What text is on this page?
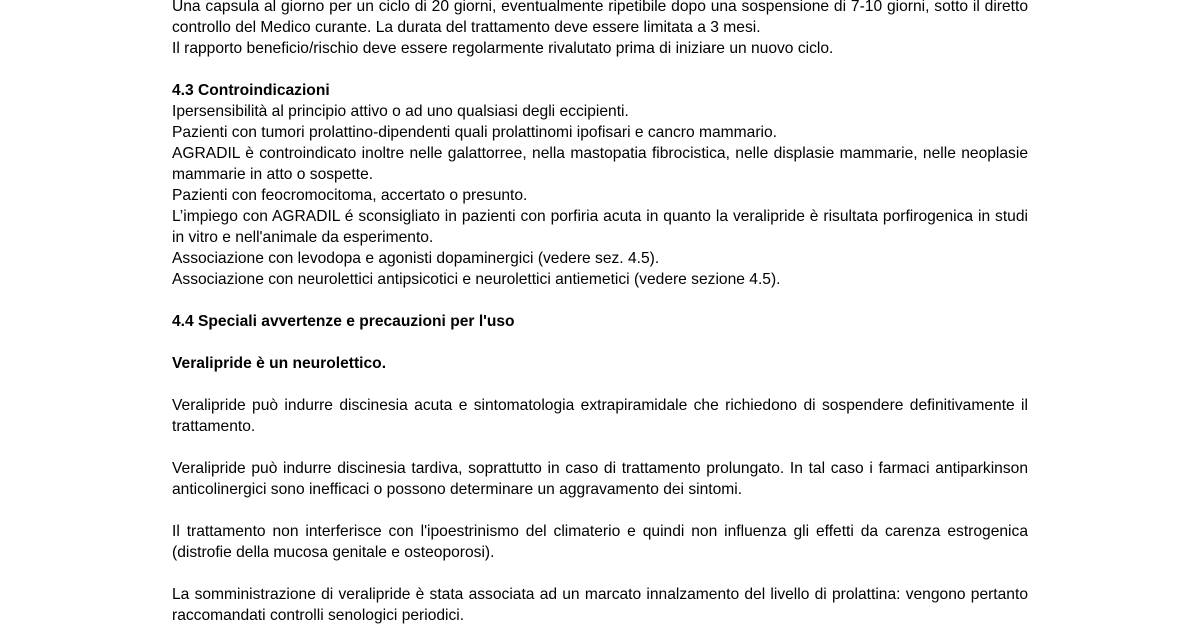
Una capsula al giorno per un ciclo di 20 giorni, eventualmente ripetibile dopo una sospensione di 7-10 giorni, sotto il diretto controllo del Medico curante. La durata del trattamento deve essere limitata a 3 mesi.
Il rapporto beneficio/rischio deve essere regolarmente rivalutato prima di iniziare un nuovo ciclo.

4.3 Controindicazioni

Ipersensibilità al principio attivo o ad uno qualsiasi degli eccipienti.

Pazienti con tumori prolattino-dipendenti quali prolattinomi ipofisari e cancro mammario.

AGRADIL è controindicato inoltre nelle galattorree, nella mastopatia fibrocistica, nelle displasie mammarie, nelle neoplasie mammarie in atto o sospette.

Pazienti con feocromocitoma, accertato o presunto.

L’impiego con AGRADIL é sconsigliato in pazienti con porfiria acuta in quanto la veralipride è risultata porfirogenica in studi in vitro e nell'animale da esperimento.

Associazione con levodopa e agonisti dopaminergici (vedere sez. 4.5).

Associazione con neurolettici antipsicotici e neurolettici antiemetici (vedere sezione 4.5).

4.4 Speciali avvertenze e precauzioni per l'uso

Veralipride è un neurolettico.

Veralipride può indurre discinesia acuta e sintomatologia extrapiramidale che richiedono di sospendere definitivamente il trattamento.

Veralipride può indurre discinesia tardiva, soprattutto in caso di trattamento prolungato. In tal caso i farmaci antiparkinson anticolinergici sono inefficaci o possono determinare un aggravamento dei sintomi.

Il trattamento non interferisce con l'ipoestrinismo del climaterio e quindi non influenza gli effetti da carenza estrogenica (distrofie della mucosa genitale e osteoporosi).

La somministrazione di veralipride è stata associata ad un marcato innalzamento del livello di prolattina: vengono pertanto raccomandati controlli senologici periodici.
